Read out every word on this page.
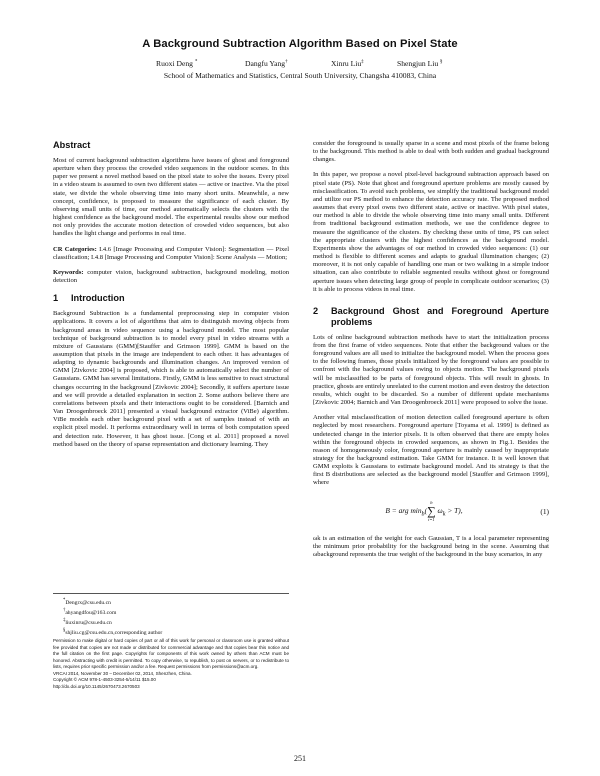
A Background Subtraction Algorithm Based on Pixel State
Ruoxi Deng *	Dangfu Yang†	Xinru Liu‡	Shengjun Liu §
School of Mathematics and Statistics, Central South University, Changsha 410083, China
Abstract

Most of current background subtraction algorithms have issues of ghost and foreground aperture when they process the crowded video sequences in the outdoor scenes. In this paper we present a novel method based on the pixel state to solve the issues. Every pixel in a video steam is assumed to own two different states — active or inactive. Via the pixel state, we divide the whole observing time into many short units. Meanwhile, a new concept, confidence, is proposed to measure the significance of each cluster. By observing small units of time, our method automatically selects the clusters with the highest confidence as the background model. The experimental results show our method not only provides the accurate motion detection of crowded video sequences, but also handles the light change and performs in real time.

CR Categories: I.4.6 [Image Processing and Computer Vision]: Segmentation — Pixel classification; I.4.8 [Image Processing and Computer Vision]: Scene Analysis — Motion;

Keywords: computer vision, background subtraction, background modeling, motion detection

1 Introduction

Background Subtraction is a fundamental preprocessing step in computer vision applications. It covers a lot of algorithms that aim to distinguish moving objects from background areas in video sequence using a background model. The most popular technique of background subtraction is to model every pixel in video streams with a mixture of Gaussians (GMM)[Stauffer and Grimson 1999]. GMM is based on the assumption that pixels in the image are independent to each other. it has advantages of adapting to dynamic backgrounds and illumination changes. An improved version of GMM [Zivkovic 2004] is proposed, which is able to automatically select the number of Gaussians. GMM has several limitations. Firstly, GMM is less sensitive to react structural changes occurring in the background [Zivkovic 2004]; Secondly, it suffers aperture issue and we will provide a detailed explanation in section 2. Some authors believe there are correlations between pixels and their interactions ought to be considered. [Barnich and Van Droogenbroeck 2011] presented a visual background extractor (ViBe) algorithm. ViBe models each other background pixel with a set of samples instead of with an explicit pixel model. It performs extraordinary well in terms of both computation speed and detection rate. However, it has ghost issue. [Cong et al. 2011] proposed a novel method based on the theory of sparse representation and dictionary learning. They

*Dengrx@csu.edu.cn
†ahyangdfou@163.com
‡liuxinru@csu.edu.cn
§shjliu.cg@csu.edu.cn,corresponding author
Permission to make digital or hard copies of part or all of this work for personal or classroom use is granted without fee provided that copies are not made or distributed for commercial advantage and that copies bear this notice and the full citation on the first page. Copyrights for components of this work owned by others than ACM must be honored. Abstracting with credit is permitted. To copy otherwise, to republish, to post on servers, or to redistribute to lists, requires prior specific permission and/or a fee. Request permissions from permissions@acm.org.
VRCAI 2014, November 30 – December 02, 2014, Shenzhen, China.
Copyright © ACM 978-1-4503-3254-5/14/11 $15.00
http://dx.doi.org/10.1145/2670473.2670503

consider the foreground is usually sparse in a scene and most pixels of the frame belong to the background. This method is able to deal with both sudden and gradual background changes.

In this paper, we propose a novel pixel-level background subtraction approach based on pixel state (PS). Note that ghost and foreground aperture problems are mostly caused by misclassification. To avoid such problems, we simplify the traditional background model and utilize our PS method to enhance the detection accuracy rate. The proposed method assumes that every pixel owns two different state, active or inactive. With pixel states, our method is able to divide the whole observing time into many small units. Different from traditional background estimation methods, we use the confidence degree to measure the significance of the clusters. By checking these units of time, PS can select the appropriate clusters with the highest confidences as the background model. Experiments show the advantages of our method in crowded video sequences: (1) our method is flexible to different scenes and adapts to gradual illumination changes; (2) moreover, it is not only capable of handling one man or two walking in a simple indoor situation, can also contribute to reliable segmented results without ghost or foreground aperture issues when detecting large group of people in complicate outdoor scenarios; (3) it is able to process videos in real time.

2	Background Ghost and Foreground Aperture problems

Lots of online background subtraction methods have to start the initialization process from the first frame of video sequences. Note that either the background values or the foreground values are all used to initialize the background model. When the process goes to the following frames, those pixels initialized by the foreground values are possible to confront with the background values owing to objects motion. The background pixels will be misclassified to be parts of foreground objects. This will result in ghosts. In practice, ghosts are entirely unrelated to the current motion and even destroy the detection results, which ought to be discarded. So a number of different update mechanisms [Zivkovic 2004; Barnich and Van Droogenbroeck 2011] were proposed to solve the issue.

Another vital misclassification of motion detection called foreground aperture is often neglected by most researchers. Foreground aperture [Toyama et al. 1999] is defined as undetected change in the interior pixels. It is often observed that there are empty holes within the foreground objects in crowded sequences, as shown in Fig.1. Besides the reason of homogeneously color, foreground aperture is mainly caused by inappropriate strategy for the background estimation. Take GMM for instance. It is well known that GMM exploits k Gaussians to estimate background model. And its strategy is that the first B distributions are selected as the background model [Stauffer and Grimson 1999], where

B = arg $\min_b$(
b
∑
i=1
$\omega_k > T$),	(1)

ωk is an estimation of the weight for each Gaussian, T is a local parameter representing the minimum prior probability for the background being in the scene. Assuming that ωbackground represents the true weight of the background in the busy scenarios, in any

251
